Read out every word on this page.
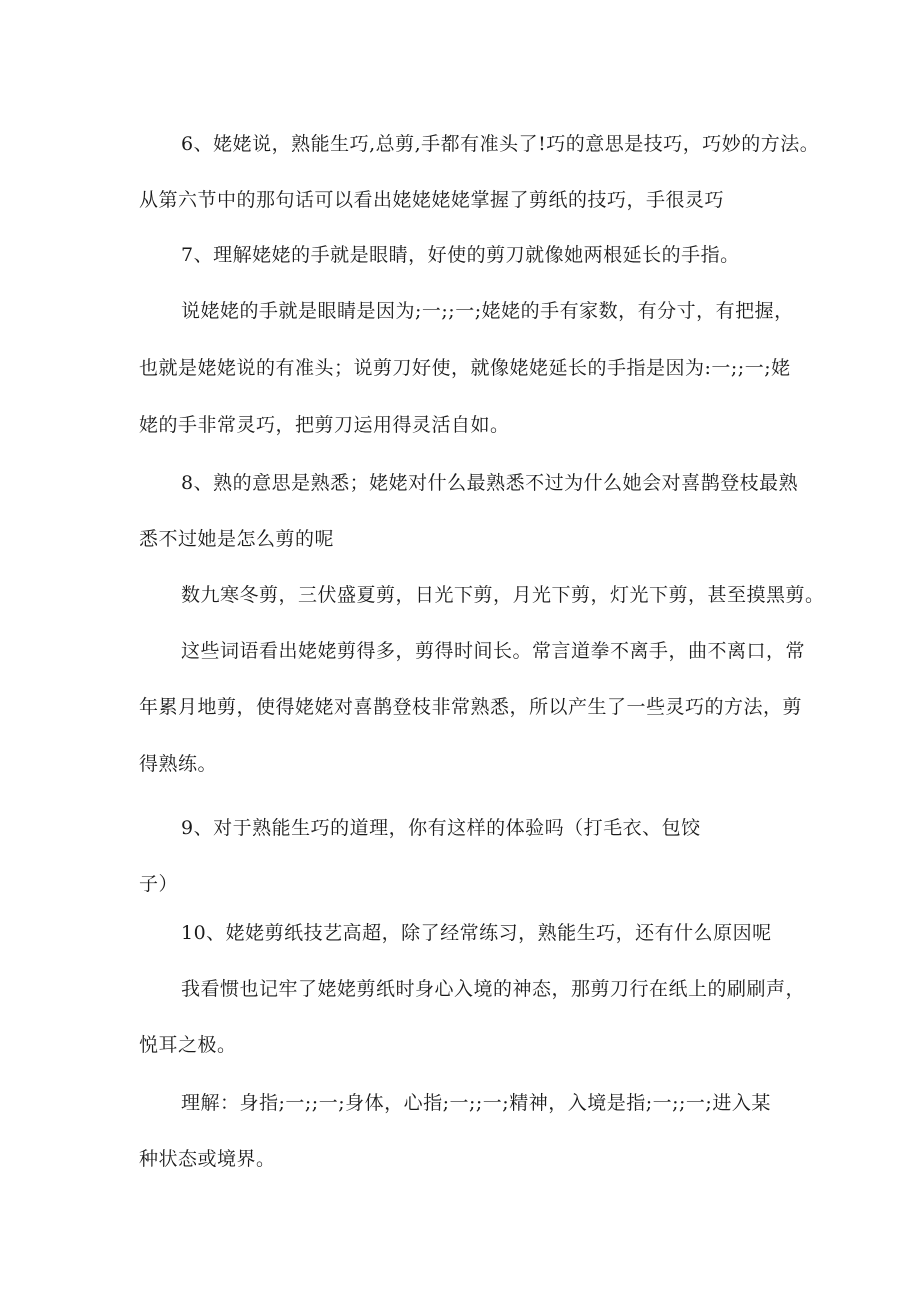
6、姥姥说，熟能生巧,总剪,手都有准头了!巧的意思是技巧，巧妙的方法。
从第六节中的那句话可以看出姥姥姥姥掌握了剪纸的技巧，手很灵巧
7、理解姥姥的手就是眼睛，好使的剪刀就像她两根延长的手指。
说姥姥的手就是眼睛是因为;一;;一;姥姥的手有家数，有分寸，有把握，
也就是姥姥说的有准头；说剪刀好使，就像姥姥延长的手指是因为:一;;一;姥
姥的手非常灵巧，把剪刀运用得灵活自如。
8、熟的意思是熟悉；姥姥对什么最熟悉不过为什么她会对喜鹊登枝最熟
悉不过她是怎么剪的呢
数九寒冬剪，三伏盛夏剪，日光下剪，月光下剪，灯光下剪，甚至摸黑剪。
这些词语看出姥姥剪得多，剪得时间长。常言道拳不离手，曲不离口，常
年累月地剪，使得姥姥对喜鹊登枝非常熟悉，所以产生了一些灵巧的方法，剪
得熟练。
9、对于熟能生巧的道理，你有这样的体验吗（打毛衣、包饺
子）
10、姥姥剪纸技艺高超，除了经常练习，熟能生巧，还有什么原因呢
我看惯也记牢了姥姥剪纸时身心入境的神态，那剪刀行在纸上的刷刷声，
悦耳之极。
理解：身指;一;;一;身体，心指;一;;一;精神，入境是指;一;;一;进入某
种状态或境界。
